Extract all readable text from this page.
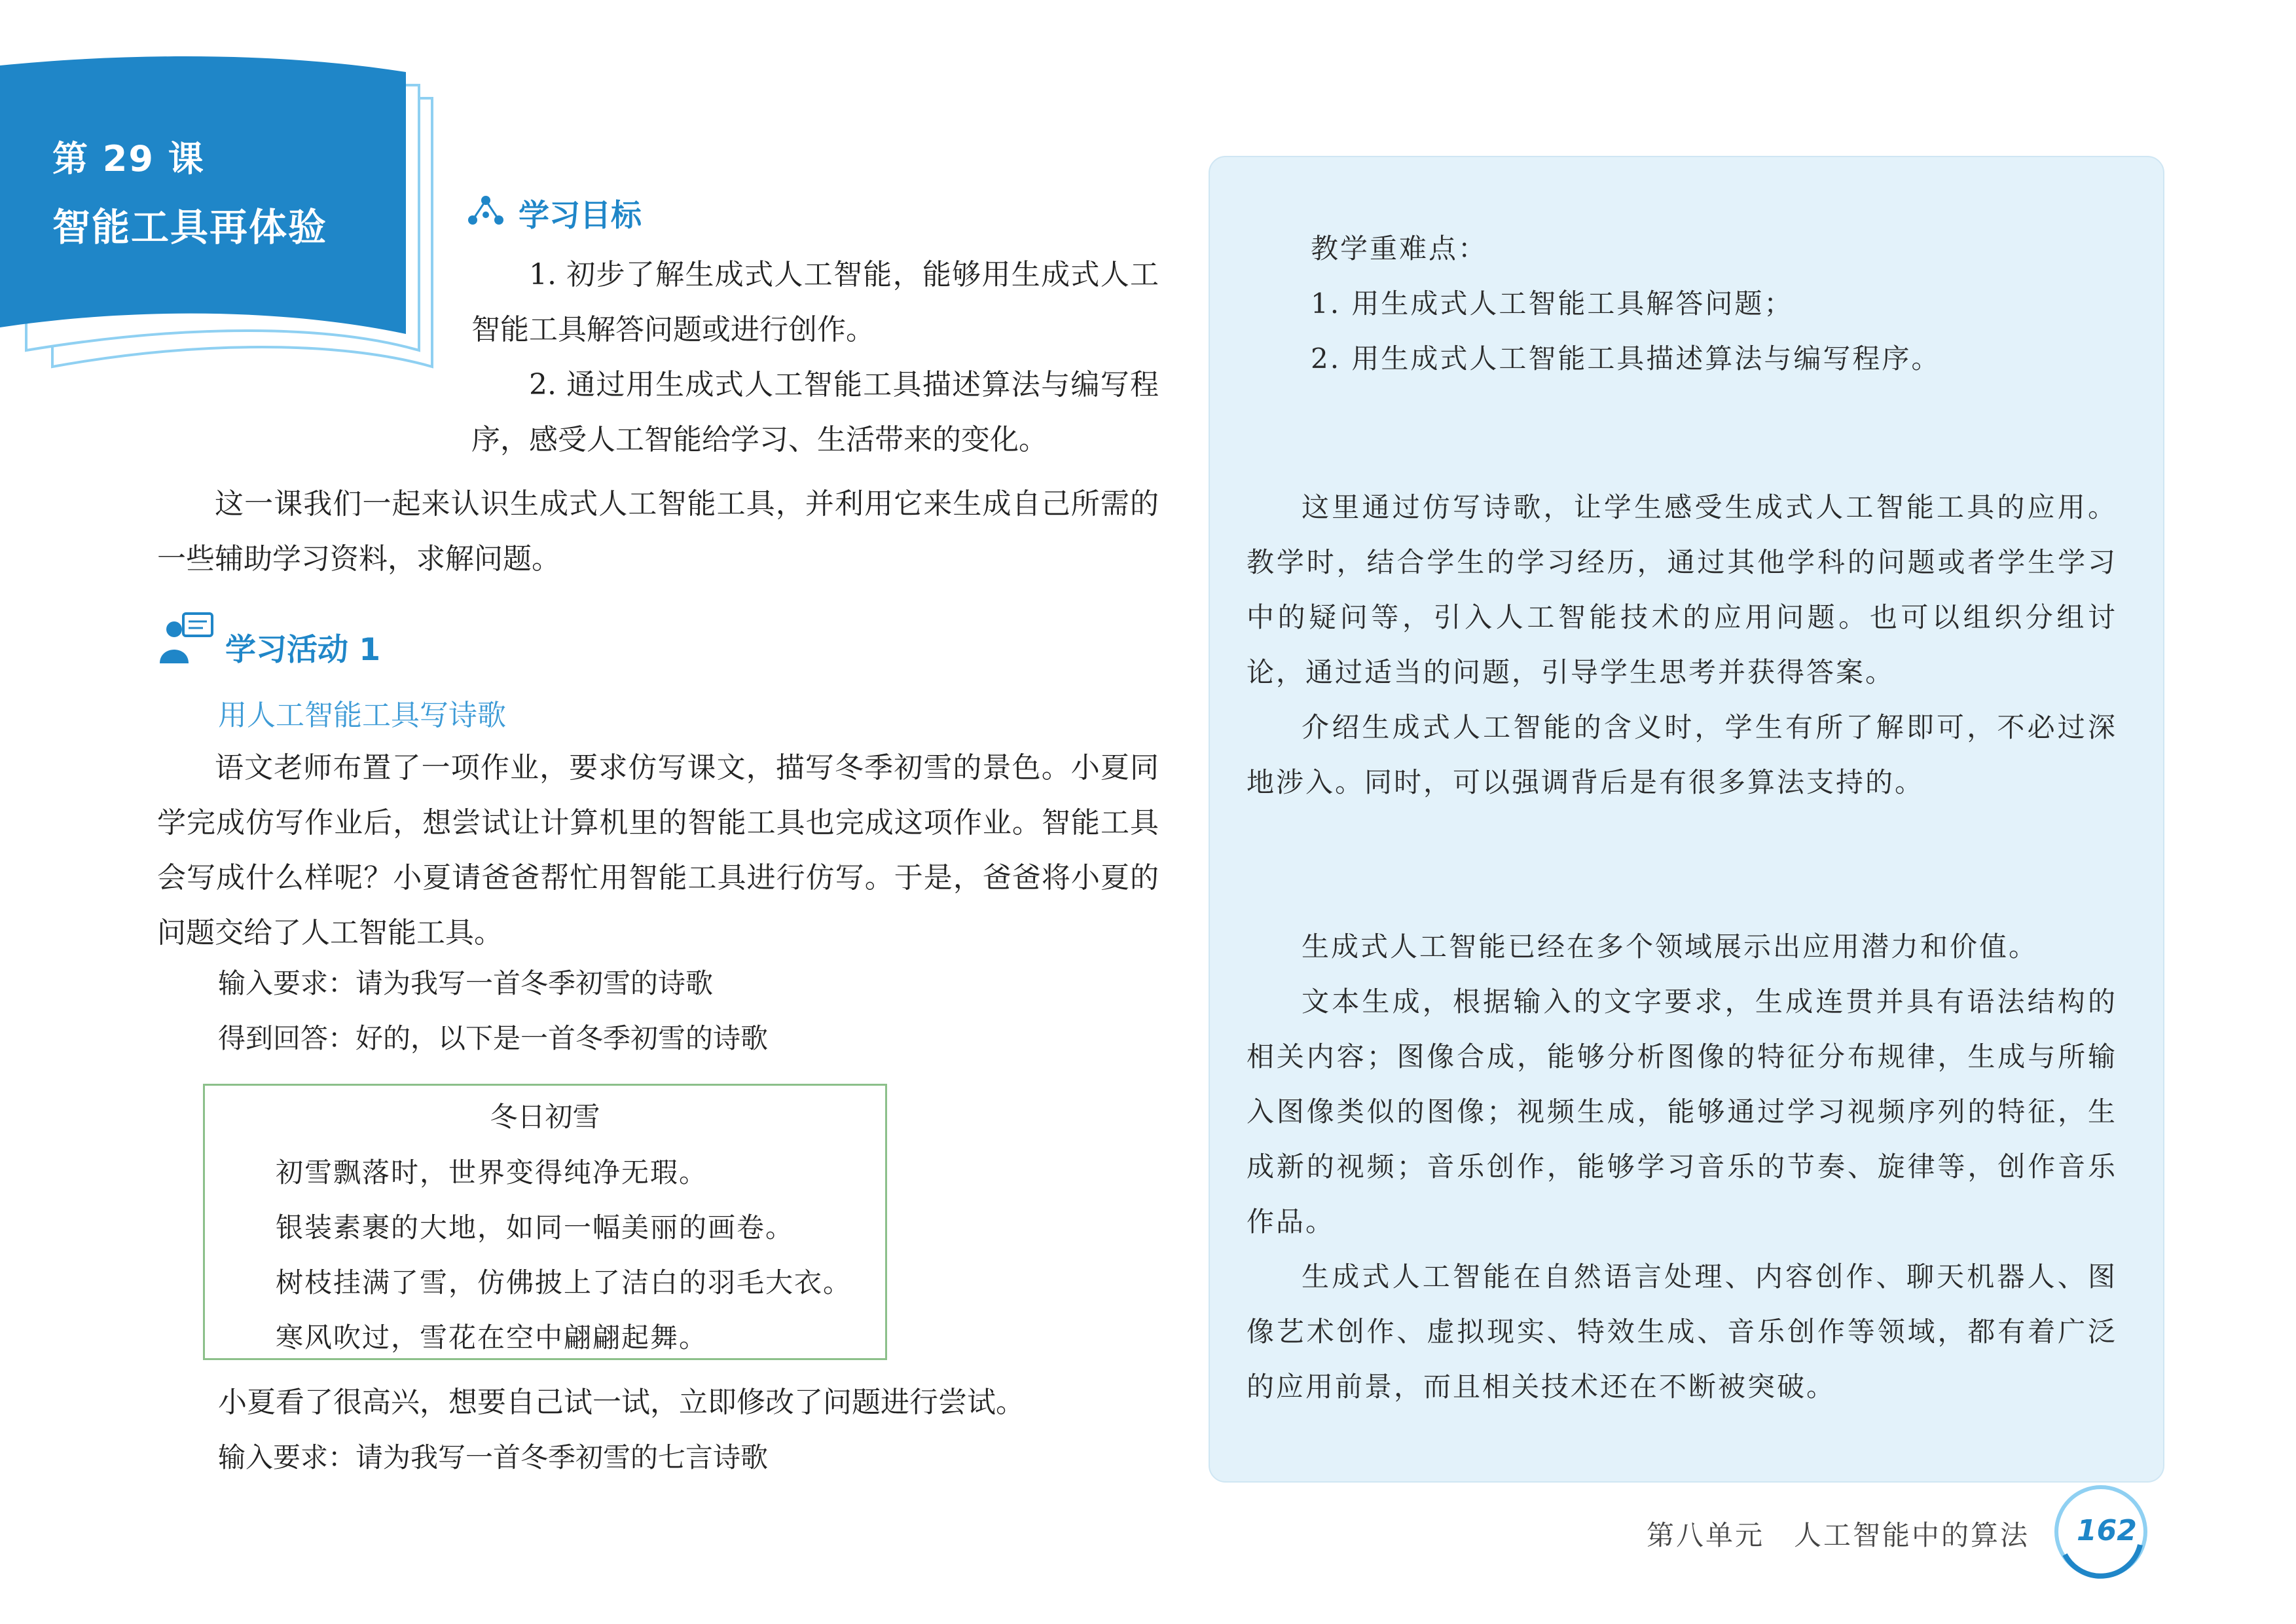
第 29 课
智能工具再体验	学习目标

1. 初步了解生成式人工智能，能够用生成式人工智能工具解答问题或进行创作。

2. 通过用生成式人工智能工具描述算法与编写程序，感受人工智能给学习、生活带来的变化。

这一课我们一起来认识生成式人工智能工具，并利用它来生成自己所需的一些辅助学习资料，求解问题。

学习活动 1
用人工智能工具写诗歌

语文老师布置了一项作业，要求仿写课文，描写冬季初雪的景色。小夏同学完成仿写作业后，想尝试让计算机里的智能工具也完成这项作业。智能工具会写成什么样呢？小夏请爸爸帮忙用智能工具进行仿写。于是，爸爸将小夏的问题交给了人工智能工具。

输入要求：请为我写一首冬季初雪的诗歌
得到回答：好的，以下是一首冬季初雪的诗歌
冬日初雪
初雪飘落时，世界变得纯净无瑕。
银装素裹的大地，如同一幅美丽的画卷。
树枝挂满了雪，仿佛披上了洁白的羽毛大衣。
寒风吹过，雪花在空中翩翩起舞。
小夏看了很高兴，想要自己试一试，立即修改了问题进行尝试。
输入要求：请为我写一首冬季初雪的七言诗歌
教学重难点：
1. 用生成式人工智能工具解答问题；
2. 用生成式人工智能工具描述算法与编写程序。

这里通过仿写诗歌，让学生感受生成式人工智能工具的应用。教学时，结合学生的学习经历，通过其他学科的问题或者学生学习中的疑问等，引入人工智能技术的应用问题。也可以组织分组讨论，通过适当的问题，引导学生思考并获得答案。

介绍生成式人工智能的含义时，学生有所了解即可，不必过深地涉入。同时，可以强调背后是有很多算法支持的。

生成式人工智能已经在多个领域展示出应用潜力和价值。

文本生成，根据输入的文字要求，生成连贯并具有语法结构的相关内容；图像合成，能够分析图像的特征分布规律，生成与所输入图像类似的图像；视频生成，能够通过学习视频序列的特征，生成新的视频；音乐创作，能够学习音乐的节奏、旋律等，创作音乐作品。

生成式人工智能在自然语言处理、内容创作、聊天机器人、图像艺术创作、虚拟现实、特效生成、音乐创作等领域，都有着广泛的应用前景，而且相关技术还在不断被突破。

第八单元　人工智能中的算法 162
